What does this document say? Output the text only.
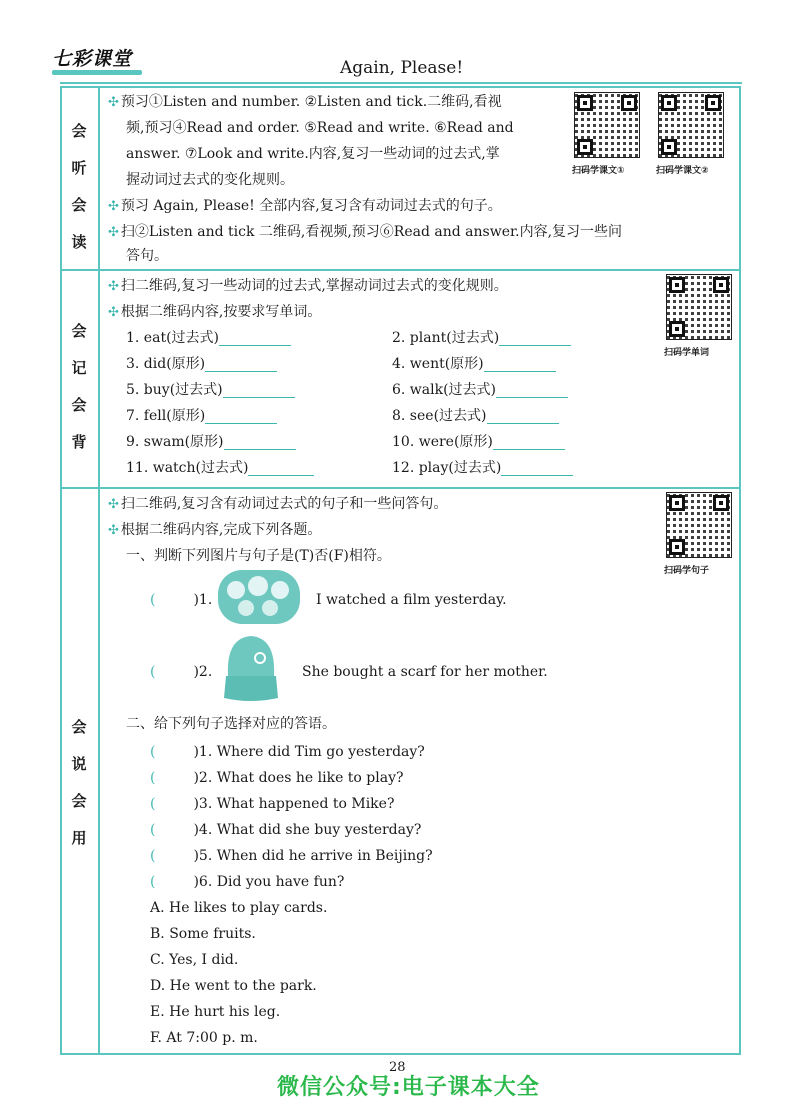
七彩课堂	Again, Please!
会
听
会
读
✣ 预习①Listen and number. ②Listen and tick.二维码,看视
频,预习④Read and order. ⑤Read and write. ⑥Read and
answer. ⑦Look and write.内容,复习一些动词的过去式,掌
握动词过去式的变化规则。
✣ 预习 Again, Please! 全部内容,复习含有动词过去式的句子。
✣ 扫②Listen and tick 二维码,看视频,预习⑥Read and answer.内容,复习一些问
答句。
扫码学课文①	扫码学课文②
会
记
会
背
✣ 扫二维码,复习一些动词的过去式,掌握动词过去式的变化规则。
✣ 根据二维码内容,按要求写单词。
扫码学单词
1. eat(过去式)	2. plant(过去式)
3. did(原形)	4. went(原形)
5. buy(过去式)	6. walk(过去式)
7. fell(原形)	8. see(过去式)
9. swam(原形)	10. were(原形)
11. watch(过去式)	12. play(过去式)
会
说
会
用
✣ 扫二维码,复习含有动词过去式的句子和一些问答句。
✣ 根据二维码内容,完成下列各题。
扫码学句子
一、判断下列图片与句子是(T)否(F)相符。
(	)1.	I watched a film yesterday.
(	)2.	She bought a scarf for her mother.
二、给下列句子选择对应的答语。
(	)1. Where did Tim go yesterday?
(	)2. What does he like to play?
(	)3. What happened to Mike?
(	)4. What did she buy yesterday?
(	)5. When did he arrive in Beijing?
(	)6. Did you have fun?
A. He likes to play cards.
B. Some fruits.
C. Yes, I did.
D. He went to the park.
E. He hurt his leg.
F. At 7:00 p. m.
28
微信公众号:电子课本大全
